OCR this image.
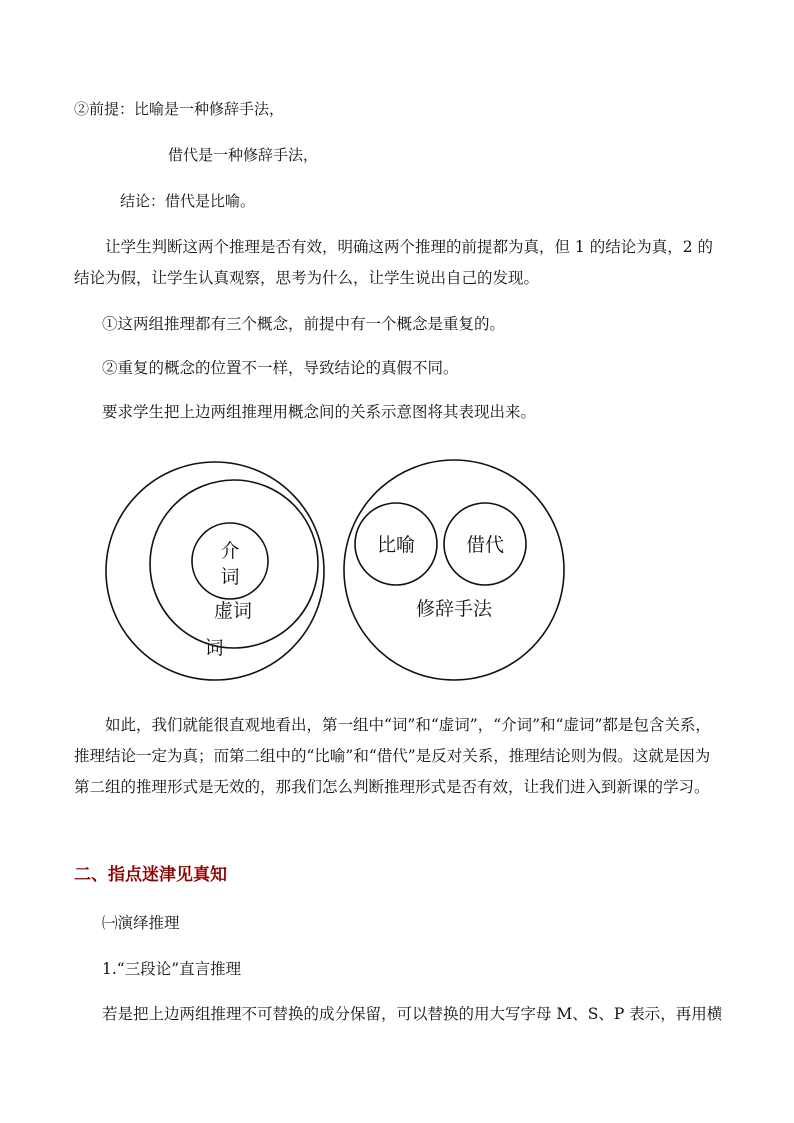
②前提：比喻是一种修辞手法，
借代是一种修辞手法，
结论：借代是比喻。
让学生判断这两个推理是否有效，明确这两个推理的前提都为真，但 1 的结论为真，2 的结论为假，让学生认真观察，思考为什么，让学生说出自己的发现。
①这两组推理都有三个概念，前提中有一个概念是重复的。
②重复的概念的位置不一样，导致结论的真假不同。
要求学生把上边两组推理用概念间的关系示意图将其表现出来。
介
词
虚词
词
比喻	借代
修辞手法
如此，我们就能很直观地看出，第一组中“词”和“虚词”，“介词”和“虚词”都是包含关系，推理结论一定为真；而第二组中的“比喻”和“借代”是反对关系，推理结论则为假。这就是因为第二组的推理形式是无效的，那我们怎么判断推理形式是否有效，让我们进入到新课的学习。
二、指点迷津见真知
㈠演绎推理
1.“三段论”直言推理
若是把上边两组推理不可替换的成分保留，可以替换的用大写字母 M、S、P 表示，再用横
